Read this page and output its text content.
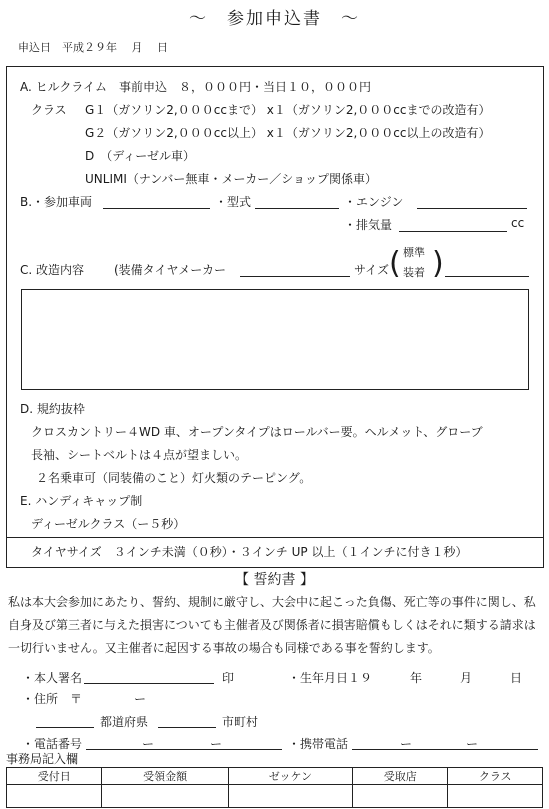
～　参加申込書　～
申込日　平成２９年　 月　 日
A. ヒルクライム　事前申込　８，０００円・当日１０，０００円
クラス G１（ガソリン2,０００ccまで） x１（ガソリン2,０００ccまでの改造有）
G２（ガソリン2,０００cc以上） x１（ガソリン2,０００cc以上の改造有）
D　（ディーゼル車）
UNLIMI（ナンバー無車・メーカー／ショップ関係車）
B.・参加車両	・型式	・エンジン
・排気量	cc
C. 改造内容 (装備タイヤメーカー	サイズ ( 標準
装着 )
D. 規約抜枠
クロスカントリー４WD 車、オープンタイプはロールバー要。ヘルメット、グローブ
長袖、シートベルトは４点が望ましい。
２名乗車可（同装備のこと）灯火類のテーピング。
E. ハンディキャップ制
ディーゼルクラス（ー５秒）
タイヤサイズ　３インチ未満（０秒）・３インチ UP 以上（１インチに付き１秒）
【 誓約書 】
私は本大会参加にあたり、誓約、規制に厳守し、大会中に起こった負傷、死亡等の事件に関し、私自身及び第三者に与えた損害についても主催者及び関係者に損害賠償もしくはそれに類する請求は一切行いません。又主催者に起因する事故の場合も同様である事を誓約します。
・本人署名	印	・生年月日１９	年	月	日
・住所　〒	ー
都道府県	市町村
・電話番号	ー	ー	・携帯電話	ー	ー
事務局記入欄
受付日	受領金額	ゼッケン	受取店	クラス
